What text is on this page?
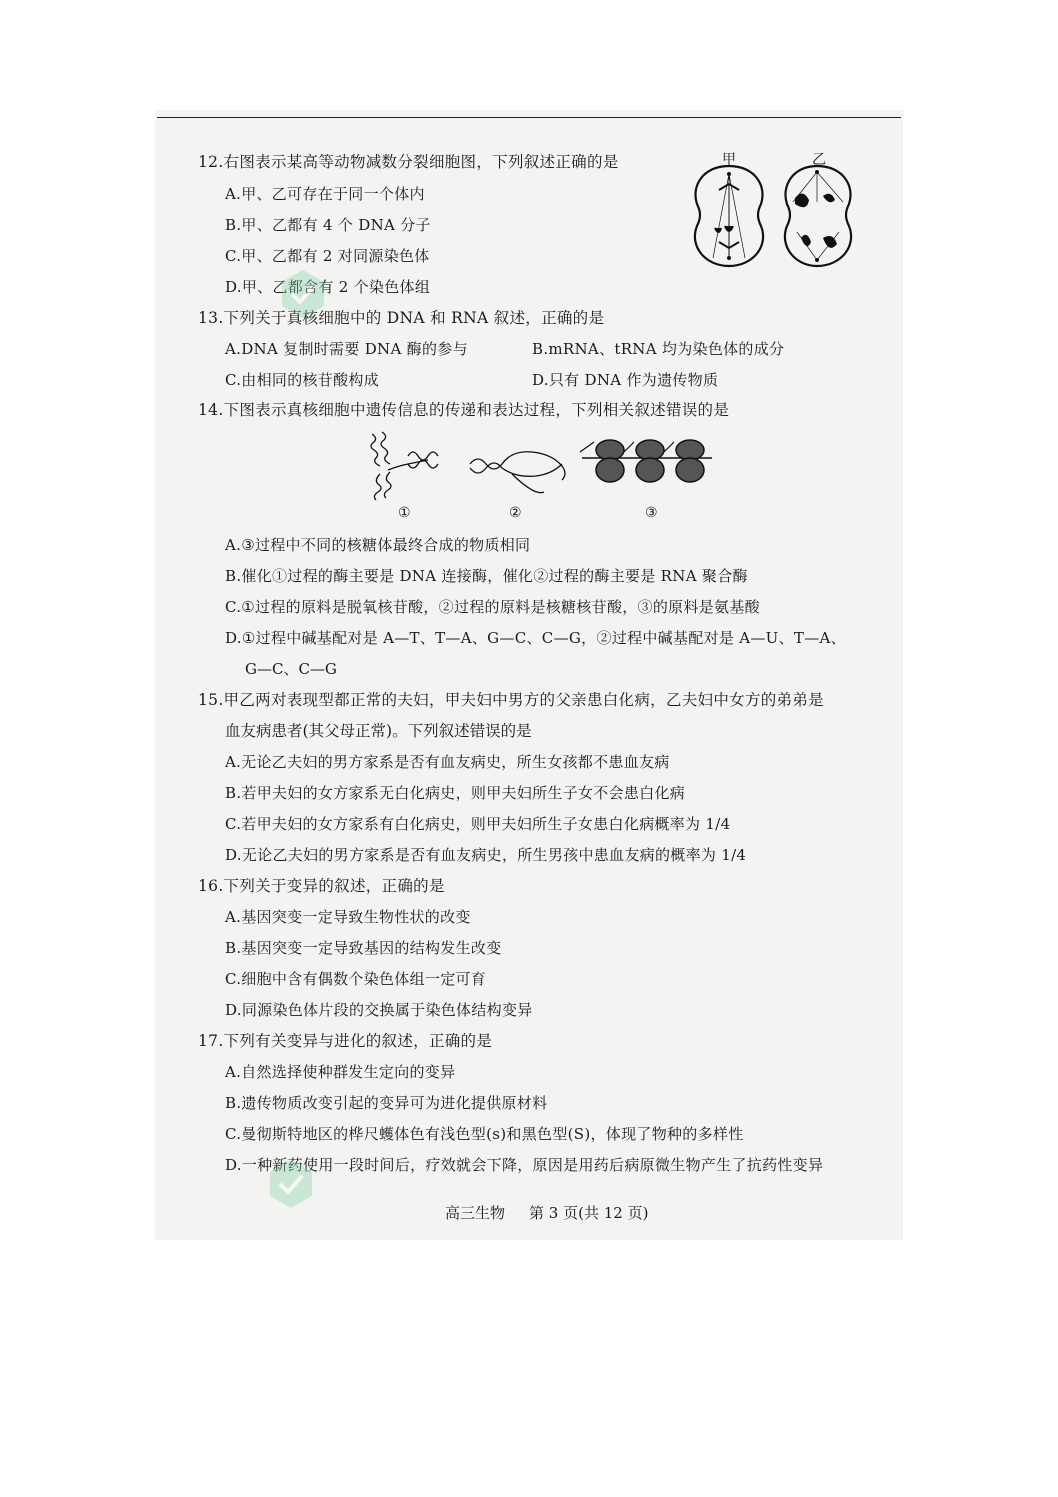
12.右图表示某高等动物减数分裂细胞图，下列叙述正确的是
A.甲、乙可存在于同一个体内
B.甲、乙都有 4 个 DNA 分子
C.甲、乙都有 2 对同源染色体
D.甲、乙都含有 2 个染色体组
甲	乙
13.下列关于真核细胞中的 DNA 和 RNA 叙述，正确的是
A.DNA 复制时需要 DNA 酶的参与	B.mRNA、tRNA 均为染色体的成分
C.由相同的核苷酸构成	D.只有 DNA 作为遗传物质
14.下图表示真核细胞中遗传信息的传递和表达过程，下列相关叙述错误的是
①	②	③
A.③过程中不同的核糖体最终合成的物质相同
B.催化①过程的酶主要是 DNA 连接酶，催化②过程的酶主要是 RNA 聚合酶
C.①过程的原料是脱氧核苷酸，②过程的原料是核糖核苷酸，③的原料是氨基酸
D.①过程中碱基配对是 A—T、T—A、G—C、C—G，②过程中碱基配对是 A—U、T—A、
G—C、C—G
15.甲乙两对表现型都正常的夫妇，甲夫妇中男方的父亲患白化病，乙夫妇中女方的弟弟是
血友病患者(其父母正常)。下列叙述错误的是
A.无论乙夫妇的男方家系是否有血友病史，所生女孩都不患血友病
B.若甲夫妇的女方家系无白化病史，则甲夫妇所生子女不会患白化病
C.若甲夫妇的女方家系有白化病史，则甲夫妇所生子女患白化病概率为 1/4
D.无论乙夫妇的男方家系是否有血友病史，所生男孩中患血友病的概率为 1/4
16.下列关于变异的叙述，正确的是
A.基因突变一定导致生物性状的改变
B.基因突变一定导致基因的结构发生改变
C.细胞中含有偶数个染色体组一定可育
D.同源染色体片段的交换属于染色体结构变异
17.下列有关变异与进化的叙述，正确的是
A.自然选择使种群发生定向的变异
B.遗传物质改变引起的变异可为进化提供原材料
C.曼彻斯特地区的桦尺蠖体色有浅色型(s)和黑色型(S)，体现了物种的多样性
D.一种新药使用一段时间后，疗效就会下降，原因是用药后病原微生物产生了抗药性变异
高三生物 第 3 页(共 12 页)
